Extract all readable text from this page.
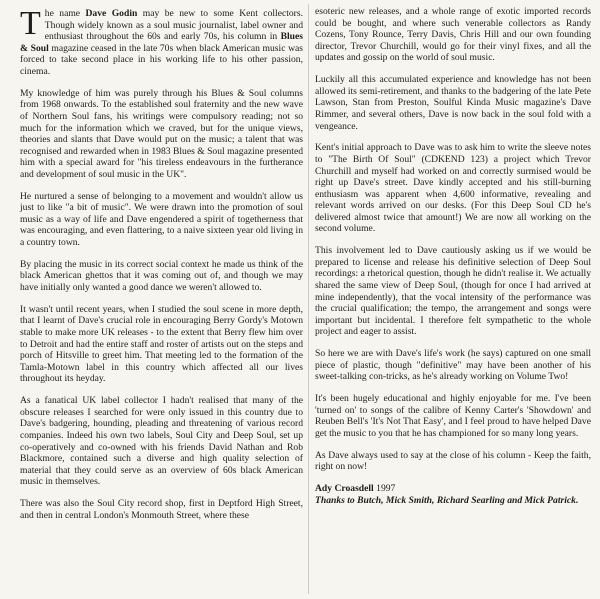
The name Dave Godin may be new to some Kent collectors. Though widely known as a soul music journalist, label owner and enthusiast throughout the 60s and early 70s, his column in Blues & Soul magazine ceased in the late 70s when black American music was forced to take second place in his working life to his other passion, cinema.

My knowledge of him was purely through his Blues & Soul columns from 1968 onwards. To the established soul fraternity and the new wave of Northern Soul fans, his writings were compulsory reading; not so much for the information which we craved, but for the unique views, theories and slants that Dave would put on the music; a talent that was recognised and rewarded when in 1983 Blues & Soul magazine presented him with a special award for "his tireless endeavours in the furtherance and development of soul music in the UK".

He nurtured a sense of belonging to a movement and wouldn't allow us just to like "a bit of music". We were drawn into the promotion of soul music as a way of life and Dave engendered a spirit of togetherness that was encouraging, and even flattering, to a naive sixteen year old living in a country town.

By placing the music in its correct social context he made us think of the black American ghettos that it was coming out of, and though we may have initially only wanted a good dance we weren't allowed to.

It wasn't until recent years, when I studied the soul scene in more depth, that I learnt of Dave's crucial role in encouraging Berry Gordy's Motown stable to make more UK releases - to the extent that Berry flew him over to Detroit and had the entire staff and roster of artists out on the steps and porch of Hitsville to greet him. That meeting led to the formation of the Tamla-Motown label in this country which affected all our lives throughout its heyday.

As a fanatical UK label collector I hadn't realised that many of the obscure releases I searched for were only issued in this country due to Dave's badgering, hounding, pleading and threatening of various record companies. Indeed his own two labels, Soul City and Deep Soul, set up co-operatively and co-owned with his friends David Nathan and Rob Blackmore, contained such a diverse and high quality selection of material that they could serve as an overview of 60s black American music in themselves.

There was also the Soul City record shop, first in Deptford High Street, and then in central London's Monmouth Street, where these

esoteric new releases, and a whole range of exotic imported records could be bought, and where such venerable collectors as Randy Cozens, Tony Rounce, Terry Davis, Chris Hill and our own founding director, Trevor Churchill, would go for their vinyl fixes, and all the updates and gossip on the world of soul music.

Luckily all this accumulated experience and knowledge has not been allowed its semi-retirement, and thanks to the badgering of the late Pete Lawson, Stan from Preston, Soulful Kinda Music magazine's Dave Rimmer, and several others, Dave is now back in the soul fold with a vengeance.

Kent's initial approach to Dave was to ask him to write the sleeve notes to "The Birth Of Soul" (CDKEND 123) a project which Trevor Churchill and myself had worked on and correctly surmised would be right up Dave's street. Dave kindly accepted and his still-burning enthusiasm was apparent when 4,600 informative, revealing and relevant words arrived on our desks. (For this Deep Soul CD he's delivered almost twice that amount!) We are now all working on the second volume.

This involvement led to Dave cautiously asking us if we would be prepared to license and release his definitive selection of Deep Soul recordings: a rhetorical question, though he didn't realise it. We actually shared the same view of Deep Soul, (though for once I had arrived at mine independently), that the vocal intensity of the performance was the crucial qualification; the tempo, the arrangement and songs were important but incidental. I therefore felt sympathetic to the whole project and eager to assist.

So here we are with Dave's life's work (he says) captured on one small piece of plastic, though "definitive" may have been another of his sweet-talking con-tricks, as he's already working on Volume Two!

It's been hugely educational and highly enjoyable for me. I've been 'turned on' to songs of the calibre of Kenny Carter's 'Showdown' and Reuben Bell's 'It's Not That Easy', and I feel proud to have helped Dave get the music to you that he has championed for so many long years.

As Dave always used to say at the close of his column - Keep the faith, right on now!

Ady Croasdell 1997

Thanks to Butch, Mick Smith, Richard Searling and Mick Patrick.
